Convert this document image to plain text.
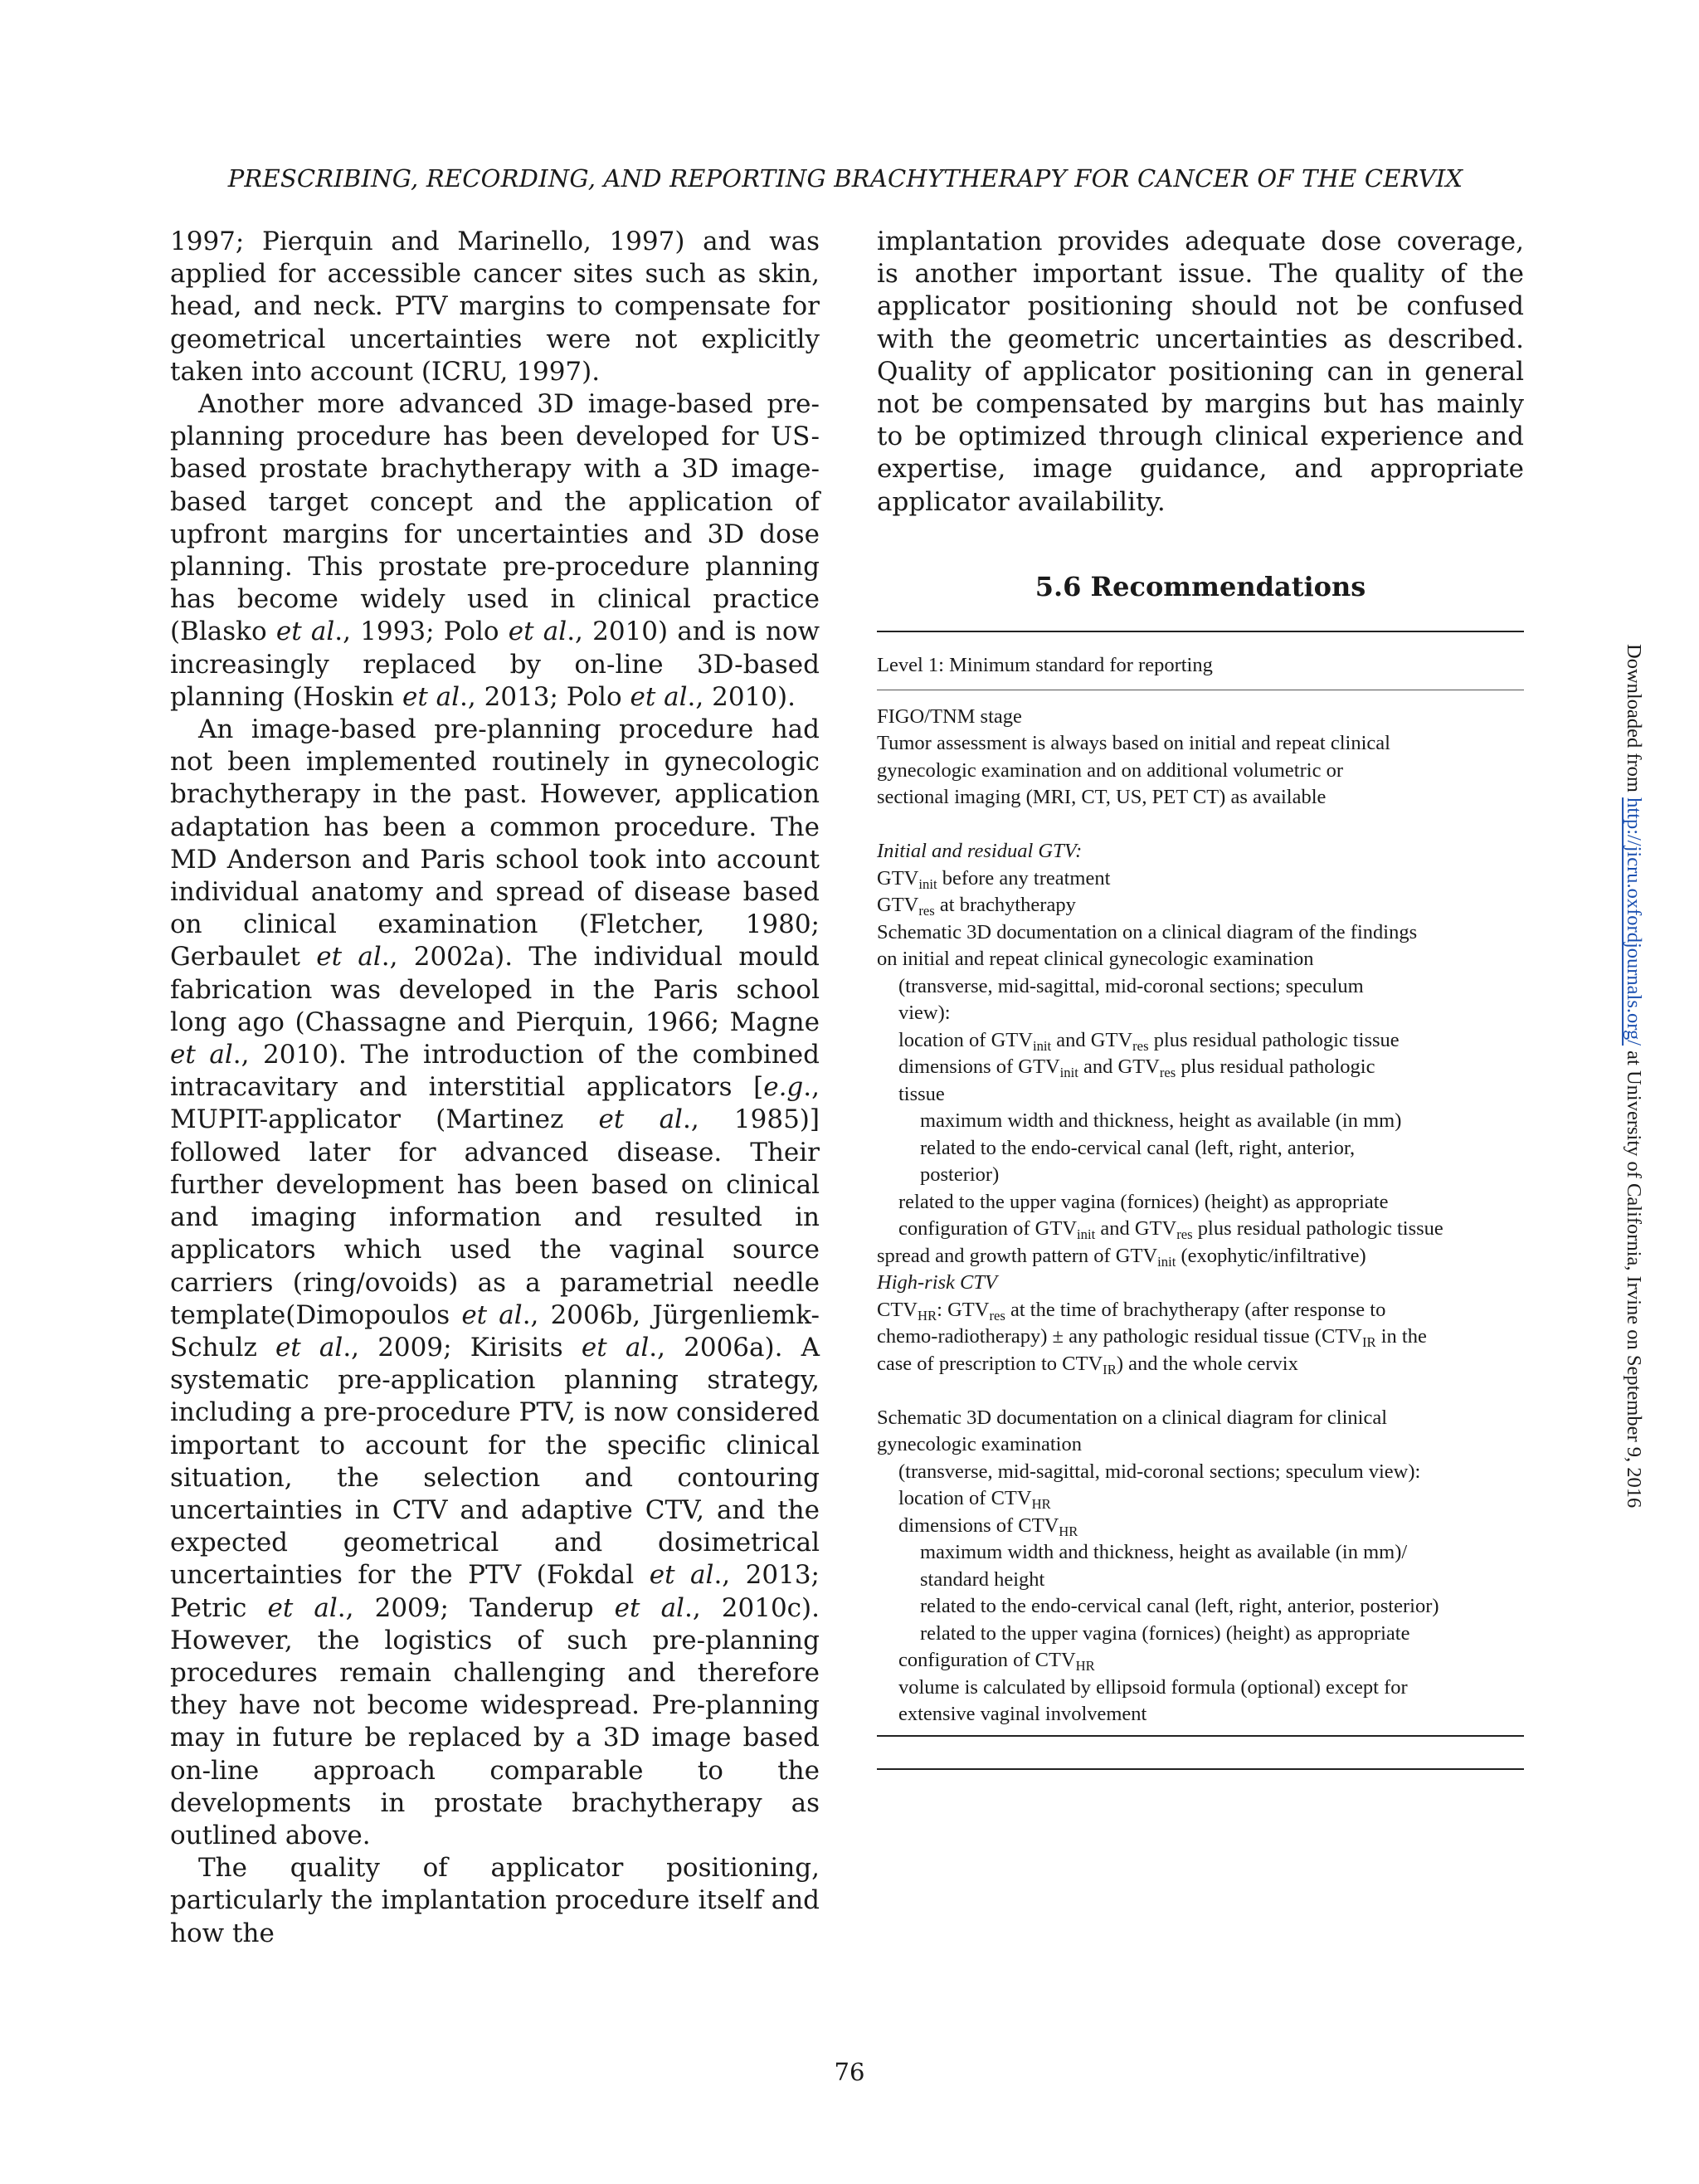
PRESCRIBING, RECORDING, AND REPORTING BRACHYTHERAPY FOR CANCER OF THE CERVIX

1997; Pierquin and Marinello, 1997) and was applied for accessible cancer sites such as skin, head, and neck. PTV margins to compensate for geometrical uncertainties were not explicitly taken into account (ICRU, 1997).

Another more advanced 3D image-based pre-planning procedure has been developed for US-based prostate brachytherapy with a 3D image-based target concept and the application of upfront margins for uncertainties and 3D dose planning. This prostate pre-procedure planning has become widely used in clinical practice (Blasko et al., 1993; Polo et al., 2010) and is now increasingly replaced by on-line 3D-based planning (Hoskin et al., 2013; Polo et al., 2010).

An image-based pre-planning procedure had not been implemented routinely in gynecologic brachytherapy in the past. However, application adaptation has been a common procedure. The MD Anderson and Paris school took into account individual anatomy and spread of disease based on clinical examination (Fletcher, 1980; Gerbaulet et al., 2002a). The individual mould fabrication was developed in the Paris school long ago (Chassagne and Pierquin, 1966; Magne et al., 2010). The introduction of the combined intracavitary and interstitial applicators [e.g., MUPIT-applicator (Martinez et al., 1985)] followed later for advanced disease. Their further development has been based on clinical and imaging information and resulted in applicators which used the vaginal source carriers (ring/ovoids) as a parametrial needle template(Dimopoulos et al., 2006b, Jürgenliemk-Schulz et al., 2009; Kirisits et al., 2006a). A systematic pre-application planning strategy, including a pre-procedure PTV, is now considered important to account for the specific clinical situation, the selection and contouring uncertainties in CTV and adaptive CTV, and the expected geometrical and dosimetrical uncertainties for the PTV (Fokdal et al., 2013; Petric et al., 2009; Tanderup et al., 2010c). However, the logistics of such pre-planning procedures remain challenging and therefore they have not become widespread. Pre-planning may in future be replaced by a 3D image based on-line approach comparable to the developments in prostate brachytherapy as outlined above.

The quality of applicator positioning, particularly the implantation procedure itself and how the

implantation provides adequate dose coverage, is another important issue. The quality of the applicator positioning should not be confused with the geometric uncertainties as described. Quality of applicator positioning can in general not be compensated by margins but has mainly to be optimized through clinical experience and expertise, image guidance, and appropriate applicator availability.

5.6 Recommendations
Level 1: Minimum standard for reporting
FIGO/TNM stage
Tumor assessment is always based on initial and repeat clinical
gynecologic examination and on additional volumetric or
sectional imaging (MRI, CT, US, PET CT) as available
Initial and residual GTV:
$GTV_{init}$ before any treatment
$GTV_{res}$ at brachytherapy
Schematic 3D documentation on a clinical diagram of the findings
on initial and repeat clinical gynecologic examination
(transverse, mid-sagittal, mid-coronal sections; speculum
view):
location of $GTV_{init}$ and $GTV_{res}$ plus residual pathologic tissue
dimensions of $GTV_{init}$ and $GTV_{res}$ plus residual pathologic
tissue
maximum width and thickness, height as available (in mm)
related to the endo-cervical canal (left, right, anterior,
posterior)
related to the upper vagina (fornices) (height) as appropriate
configuration of $GTV_{init}$ and $GTV_{res}$ plus residual pathologic tissue
spread and growth pattern of $GTV_{init}$ (exophytic/infiltrative)
High-risk CTV
$CTV_{HR}$: $GTV_{res}$ at the time of brachytherapy (after response to
chemo-radiotherapy) ± any pathologic residual tissue ($CTV_{IR}$ in the
case of prescription to $CTV_{IR}$) and the whole cervix
Schematic 3D documentation on a clinical diagram for clinical
gynecologic examination
(transverse, mid-sagittal, mid-coronal sections; speculum view):
location of $CTV_{HR}$
dimensions of $CTV_{HR}$
maximum width and thickness, height as available (in mm)/
standard height
related to the endo-cervical canal (left, right, anterior, posterior)
related to the upper vagina (fornices) (height) as appropriate
configuration of $CTV_{HR}$
volume is calculated by ellipsoid formula (optional) except for
extensive vaginal involvement
Downloaded from http://jicru.oxfordjournals.org/ at University of California, Irvine on September 9, 2016
76
